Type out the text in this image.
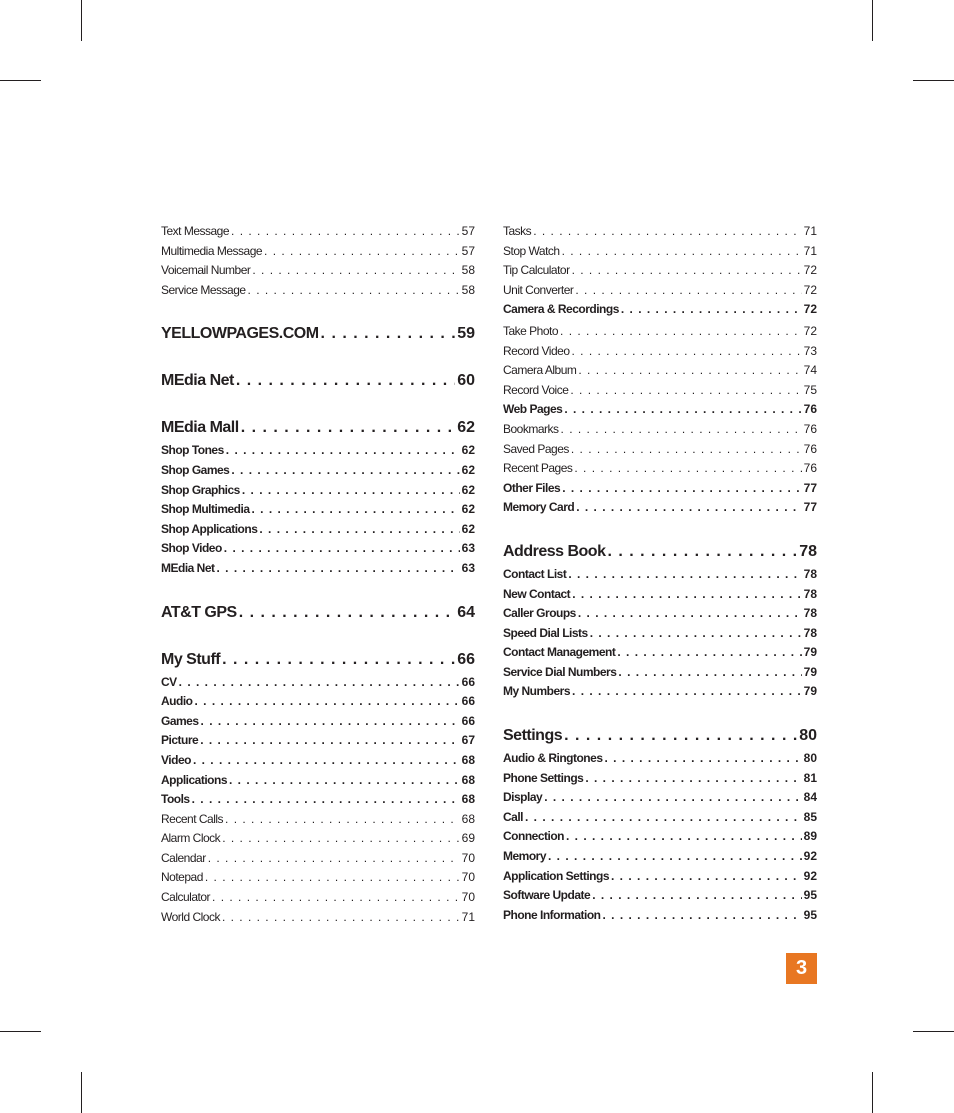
Text Message . . .	57
Multimedia Message . . .	57
Voicemail Number . . .	58
Service Message . . .	58
YELLOWPAGES.COM . . .	59
MEdia Net . . .	60
MEdia Mall . . .	62
Shop Tones . . .	62
Shop Games . . .	62
Shop Graphics . . .	62
Shop Multimedia . . .	62
Shop Applications . . .	62
Shop Video . . .	63
MEdia Net . . .	63
AT&T GPS . . .	64
My Stuff . . .	66
CV . . .	66
Audio . . .	66
Games . . .	66
Picture . . .	67
Video . . .	68
Applications . . .	68
Tools . . .	68
Recent Calls . . .	68
Alarm Clock . . .	69
Calendar . . .	70
Notepad . . .	70
Calculator . . .	70
World Clock . . .	71
Tasks . . .	71
Stop Watch . . .	71
Tip Calculator . . .	72
Unit Converter . . .	72
Camera & Recordings . . .	72
Take Photo . . .	72
Record Video . . .	73
Camera Album . . .	74
Record Voice . . .	75
Web Pages . . .	76
Bookmarks . . .	76
Saved Pages . . .	76
Recent Pages . . .	76
Other Files . . .	77
Memory Card . . .	77
Address Book . . .	78
Contact List . . .	78
New Contact . . .	78
Caller Groups . . .	78
Speed Dial Lists . . .	78
Contact Management . . .	79
Service Dial Numbers . . .	79
My Numbers . . .	79
Settings . . .	80
Audio & Ringtones . . .	80
Phone Settings . . .	81
Display . . .	84
Call . . .	85
Connection . . .	89
Memory . . .	92
Application Settings . . .	92
Software Update . . .	95
Phone Information . . .	95
3
